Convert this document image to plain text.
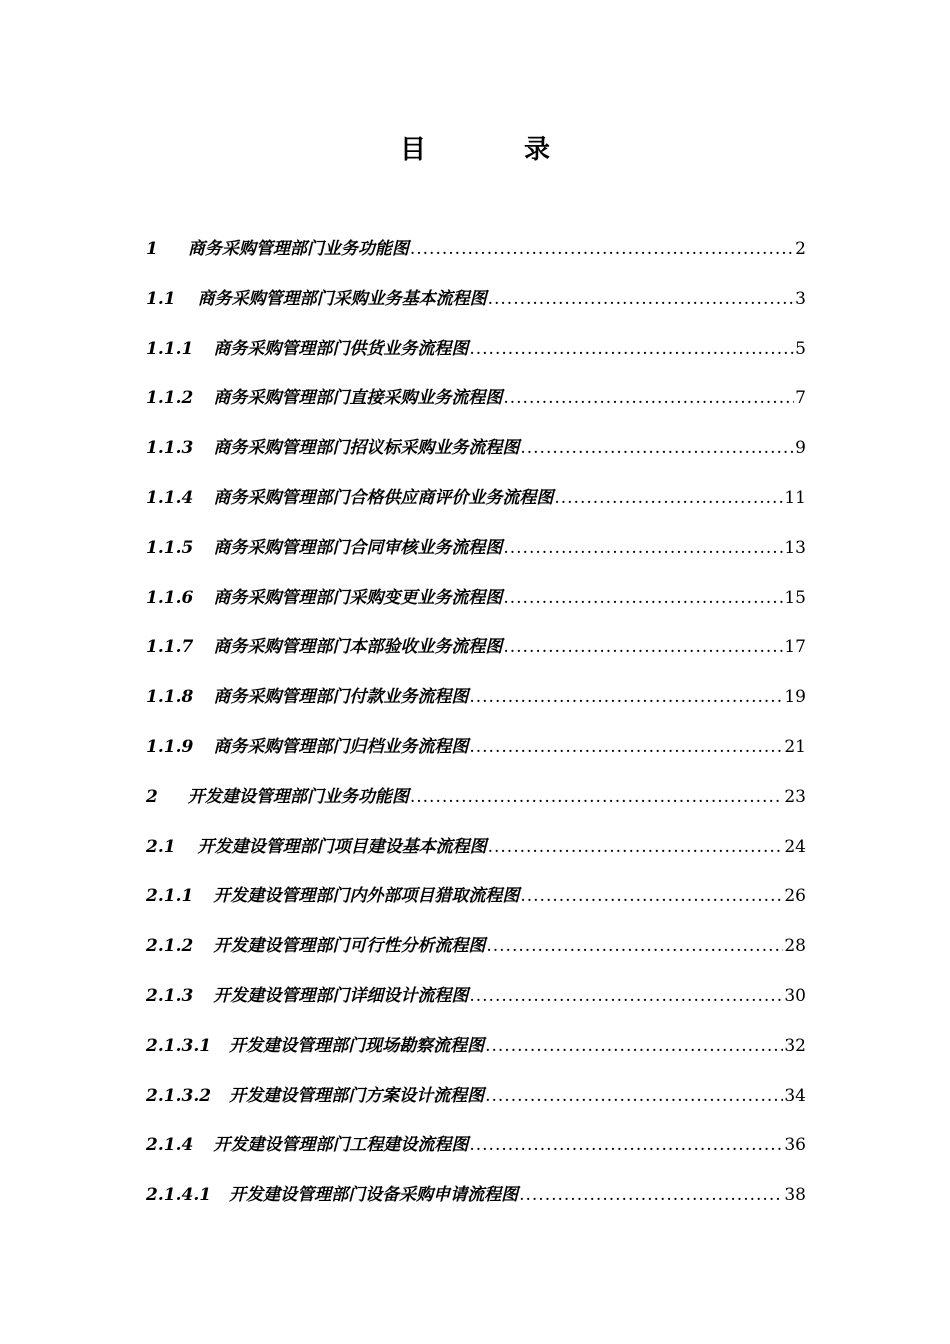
目　录
1 商务采购管理部门业务功能图 .....	2
1.1 商务采购管理部门采购业务基本流程图 .....	3
1.1.1 商务采购管理部门供货业务流程图 .....	5
1.1.2 商务采购管理部门直接采购业务流程图 .....	7
1.1.3 商务采购管理部门招议标采购业务流程图 .....	9
1.1.4 商务采购管理部门合格供应商评价业务流程图 .....	11
1.1.5 商务采购管理部门合同审核业务流程图 .....	13
1.1.6 商务采购管理部门采购变更业务流程图 .....	15
1.1.7 商务采购管理部门本部验收业务流程图 .....	17
1.1.8 商务采购管理部门付款业务流程图 .....	19
1.1.9 商务采购管理部门归档业务流程图 .....	21
2 开发建设管理部门业务功能图 .....	23
2.1 开发建设管理部门项目建设基本流程图 .....	24
2.1.1 开发建设管理部门内外部项目猎取流程图 .....	26
2.1.2 开发建设管理部门可行性分析流程图 .....	28
2.1.3 开发建设管理部门详细设计流程图 .....	30
2.1.3.1 开发建设管理部门现场勘察流程图 .....	32
2.1.3.2 开发建设管理部门方案设计流程图 .....	34
2.1.4 开发建设管理部门工程建设流程图 .....	36
2.1.4.1 开发建设管理部门设备采购申请流程图 .....	38
